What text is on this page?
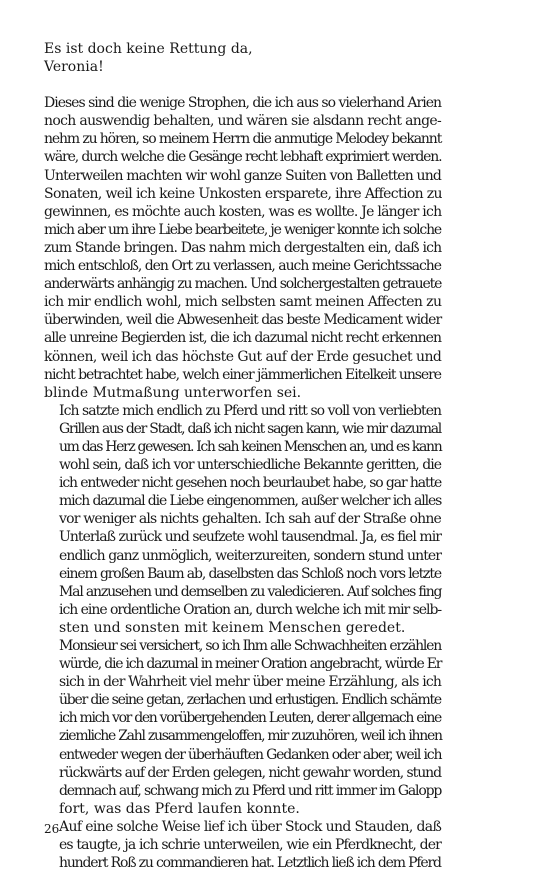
Es ist doch keine Rettung da,
Veronia!
Dieses sind die wenige Strophen, die ich aus so vielerhand Arien
noch auswendig behalten, und wären sie alsdann recht ange-
nehm zu hören, so meinem Herrn die anmutige Melodey bekannt
wäre, durch welche die Gesänge recht lebhaft exprimiert werden.
Unterweilen machten wir wohl ganze Suiten von Balletten und
Sonaten, weil ich keine Unkosten ersparete, ihre Affection zu
gewinnen, es möchte auch kosten, was es wollte. Je länger ich
mich aber um ihre Liebe bearbeitete, je weniger konnte ich solche
zum Stande bringen. Das nahm mich dergestalten ein, daß ich
mich entschloß, den Ort zu verlassen, auch meine Gerichtssache
anderwärts anhängig zu machen. Und solchergestalten getrauete
ich mir endlich wohl, mich selbsten samt meinen Affecten zu
überwinden, weil die Abwesenheit das beste Medicament wider
alle unreine Begierden ist, die ich dazumal nicht recht erkennen
können, weil ich das höchste Gut auf der Erde gesuchet und
nicht betrachtet habe, welch einer jämmerlichen Eitelkeit unsere
blinde Mutmaßung unterworfen sei.
Ich satzte mich endlich zu Pferd und ritt so voll von verliebten
Grillen aus der Stadt, daß ich nicht sagen kann, wie mir dazumal
um das Herz gewesen. Ich sah keinen Menschen an, und es kann
wohl sein, daß ich vor unterschiedliche Bekannte geritten, die
ich entweder nicht gesehen noch beurlaubet habe, so gar hatte
mich dazumal die Liebe eingenommen, außer welcher ich alles
vor weniger als nichts gehalten. Ich sah auf der Straße ohne
Unterlaß zurück und seufzete wohl tausendmal. Ja, es fiel mir
endlich ganz unmöglich, weiterzureiten, sondern stund unter
einem großen Baum ab, daselbsten das Schloß noch vors letzte
Mal anzusehen und demselben zu valedicieren. Auf solches fing
ich eine ordentliche Oration an, durch welche ich mit mir selb-
sten und sonsten mit keinem Menschen geredet.
Monsieur sei versichert, so ich Ihm alle Schwachheiten erzählen
würde, die ich dazumal in meiner Oration angebracht, würde Er
sich in der Wahrheit viel mehr über meine Erzählung, als ich
über die seine getan, zerlachen und erlustigen. Endlich schämte
ich mich vor den vorübergehenden Leuten, derer allgemach eine
ziemliche Zahl zusammengeloffen, mir zuzuhören, weil ich ihnen
entweder wegen der überhäuften Gedanken oder aber, weil ich
rückwärts auf der Erden gelegen, nicht gewahr worden, stund
demnach auf, schwang mich zu Pferd und ritt immer im Galopp
fort, was das Pferd laufen konnte.
Auf eine solche Weise lief ich über Stock und Stauden, daß
es taugte, ja ich schrie unterweilen, wie ein Pferdknecht, der
hundert Roß zu commandieren hat. Letztlich ließ ich dem Pferd
26
